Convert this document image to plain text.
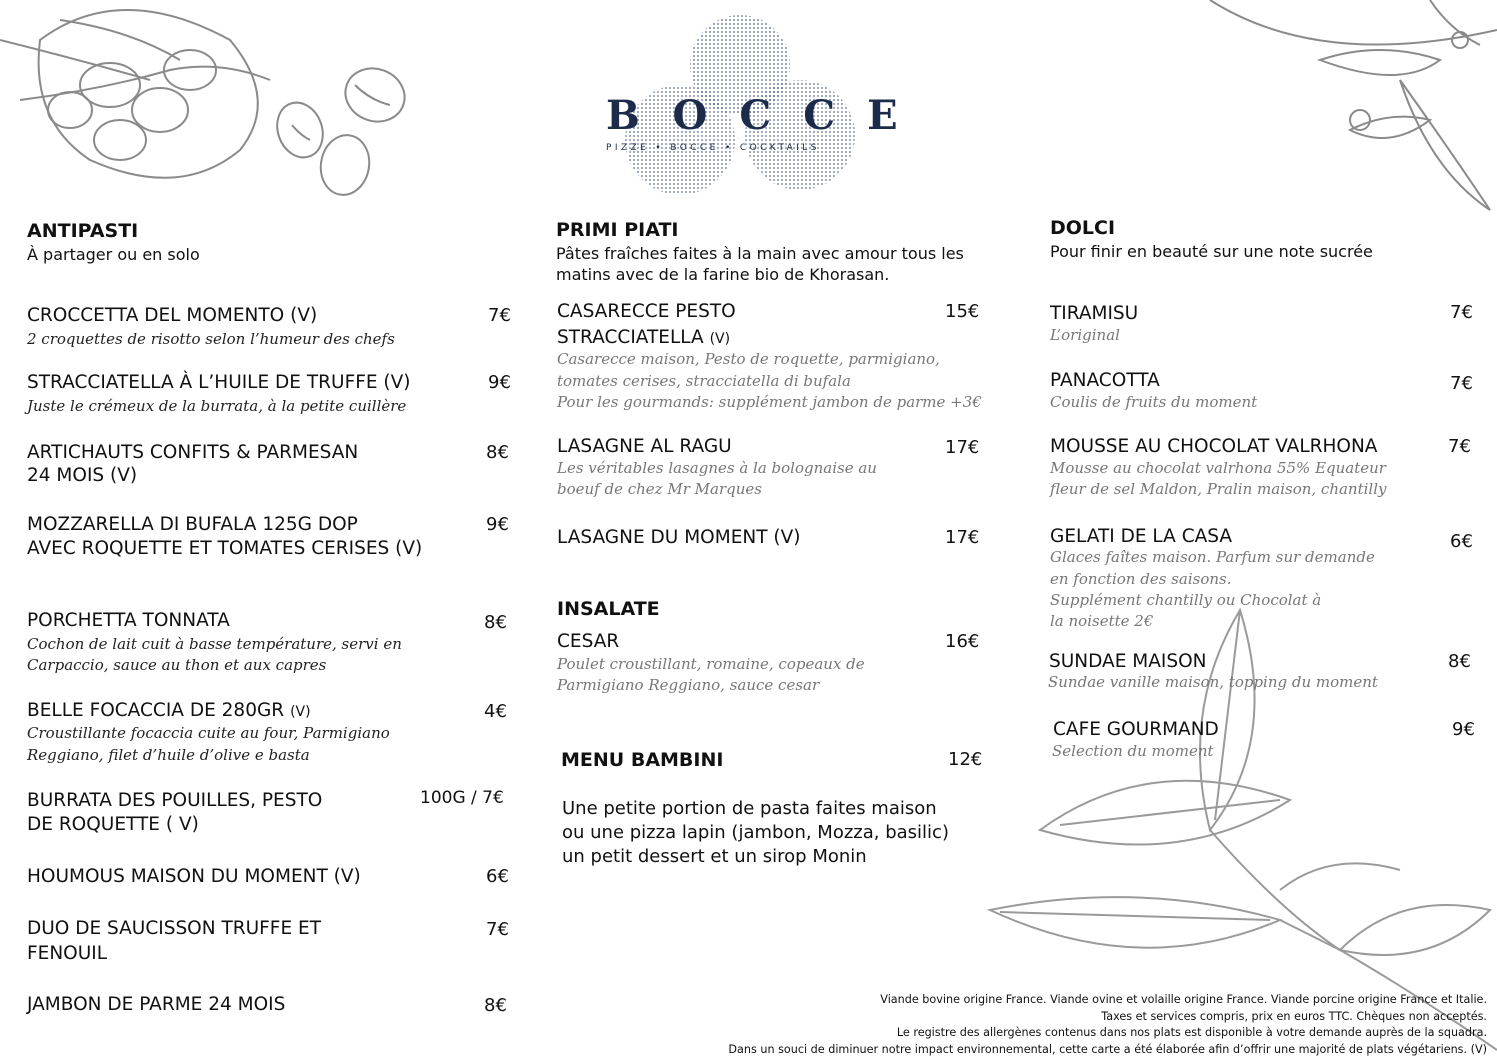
BOCCE
PIZZE • BOCCE • COCKTAILS
ANTIPASTI
À partager ou en solo
CROCCETTA DEL MOMENTO (V)	7€
2 croquettes de risotto selon l’humeur des chefs
STRACCIATELLA À L’HUILE DE TRUFFE (V)	9€
Juste le crémeux de la burrata, à la petite cuillère
ARTICHAUTS CONFITS & PARMESAN
24 MOIS (V)
8€
MOZZARELLA DI BUFALA 125G DOP
AVEC ROQUETTE ET TOMATES CERISES (V)
9€
PORCHETTA TONNATA	8€
Cochon de lait cuit à basse température, servi en
Carpaccio, sauce au thon et aux capres
BELLE FOCACCIA DE 280GR (V)	4€
Croustillante focaccia cuite au four, Parmigiano
Reggiano, filet d’huile d’olive e basta
BURRATA DES POUILLES, PESTO
DE ROQUETTE ( V)
100G / 7€
HOUMOUS MAISON DU MOMENT (V)	6€
DUO DE SAUCISSON TRUFFE ET
FENOUIL
7€
JAMBON DE PARME 24 MOIS	8€
PRIMI PIATI
Pâtes fraîches faites à la main avec amour tous les
matins avec de la farine bio de Khorasan.
CASARECCE PESTO
STRACCIATELLA (V)
15€
Casarecce maison, Pesto de roquette, parmigiano,
tomates cerises, stracciatella di bufala
Pour les gourmands: supplément jambon de parme +3€
LASAGNE AL RAGU	17€
Les véritables lasagnes à la bolognaise au
boeuf de chez Mr Marques
LASAGNE DU MOMENT (V)	17€
INSALATE
CESAR	16€
Poulet croustillant, romaine, copeaux de
Parmigiano Reggiano, sauce cesar
MENU BAMBINI	12€
Une petite portion de pasta faites maison
ou une pizza lapin (jambon, Mozza, basilic)
un petit dessert et un sirop Monin
DOLCI
Pour finir en beauté sur une note sucrée
TIRAMISU	7€
L’original
PANACOTTA	7€
Coulis de fruits du moment
MOUSSE AU CHOCOLAT VALRHONA	7€
Mousse au chocolat valrhona 55% Equateur
fleur de sel Maldon, Pralin maison, chantilly
GELATI DE LA CASA	6€
Glaces faîtes maison. Parfum sur demande
en fonction des saisons.
Supplément chantilly ou Chocolat à
la noisette 2€
SUNDAE MAISON	8€
Sundae vanille maison, topping du moment
CAFE GOURMAND	9€
Selection du moment
Viande bovine origine France. Viande ovine et volaille origine France. Viande porcine origine France et Italie.
Taxes et services compris, prix en euros TTC. Chèques non acceptés.
Le registre des allergènes contenus dans nos plats est disponible à votre demande auprès de la squadra.
Dans un souci de diminuer notre impact environnemental, cette carte a été élaborée afin d’offrir une majorité de plats végétariens. (V)
